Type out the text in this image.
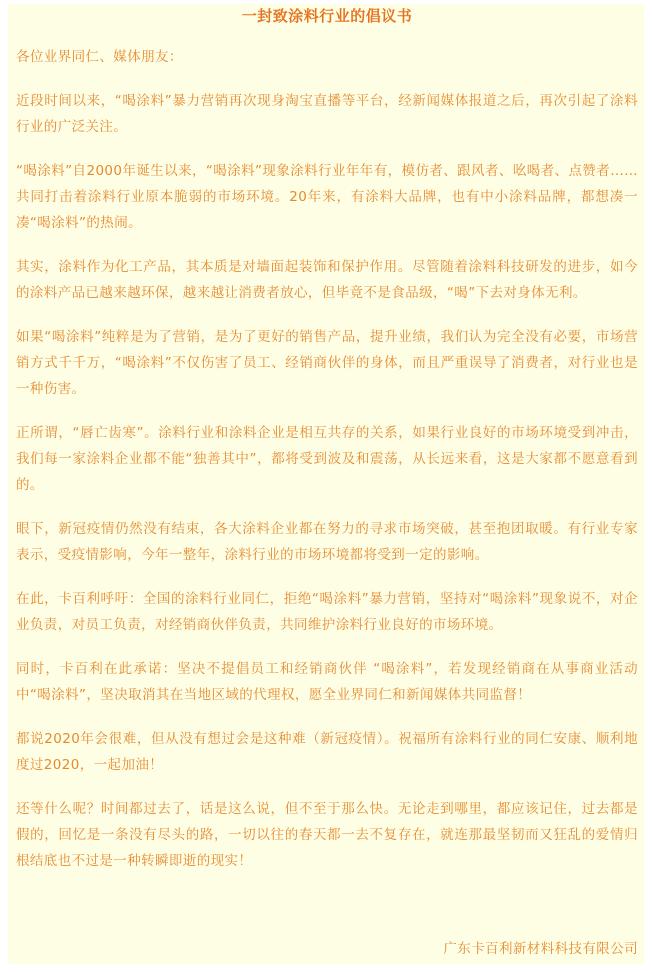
一封致涂料行业的倡议书

各位业界同仁、媒体朋友：

近段时间以来，“喝涂料”暴力营销再次现身淘宝直播等平台，经新闻媒体报道之后，再次引起了涂料行业的广泛关注。

“喝涂料”自2000年诞生以来，“喝涂料”现象涂料行业年年有，模仿者、跟风者、吆喝者、点赞者……共同打击着涂料行业原本脆弱的市场环境。20年来，有涂料大品牌，也有中小涂料品牌，都想凑一凑“喝涂料”的热闹。

其实，涂料作为化工产品，其本质是对墙面起装饰和保护作用。尽管随着涂料科技研发的进步，如今的涂料产品已越来越环保，越来越让消费者放心，但毕竟不是食品级，“喝”下去对身体无利。

如果“喝涂料”纯粹是为了营销，是为了更好的销售产品，提升业绩，我们认为完全没有必要，市场营销方式千千万，“喝涂料”不仅伤害了员工、经销商伙伴的身体，而且严重误导了消费者，对行业也是一种伤害。

正所谓，“唇亡齿寒”。涂料行业和涂料企业是相互共存的关系，如果行业良好的市场环境受到冲击，我们每一家涂料企业都不能“独善其中”，都将受到波及和震荡，从长远来看，这是大家都不愿意看到的。

眼下，新冠疫情仍然没有结束，各大涂料企业都在努力的寻求市场突破，甚至抱团取暖。有行业专家表示，受疫情影响，今年一整年，涂料行业的市场环境都将受到一定的影响。

在此，卡百利呼吁：全国的涂料行业同仁，拒绝“喝涂料”暴力营销，坚持对“喝涂料”现象说不，对企业负责，对员工负责，对经销商伙伴负责，共同维护涂料行业良好的市场环境。

同时，卡百利在此承诺：坚决不提倡员工和经销商伙伴 “喝涂料”，若发现经销商在从事商业活动中“喝涂料”，坚决取消其在当地区域的代理权，愿全业界同仁和新闻媒体共同监督！

都说2020年会很难，但从没有想过会是这种难（新冠疫情）。祝福所有涂料行业的同仁安康、顺利地度过2020，一起加油！

还等什么呢？时间都过去了，话是这么说，但不至于那么快。无论走到哪里，都应该记住，过去都是假的，回忆是一条没有尽头的路，一切以往的春天都一去不复存在，就连那最坚韧而又狂乱的爱情归根结底也不过是一种转瞬即逝的现实！

广东卡百利新材料科技有限公司
